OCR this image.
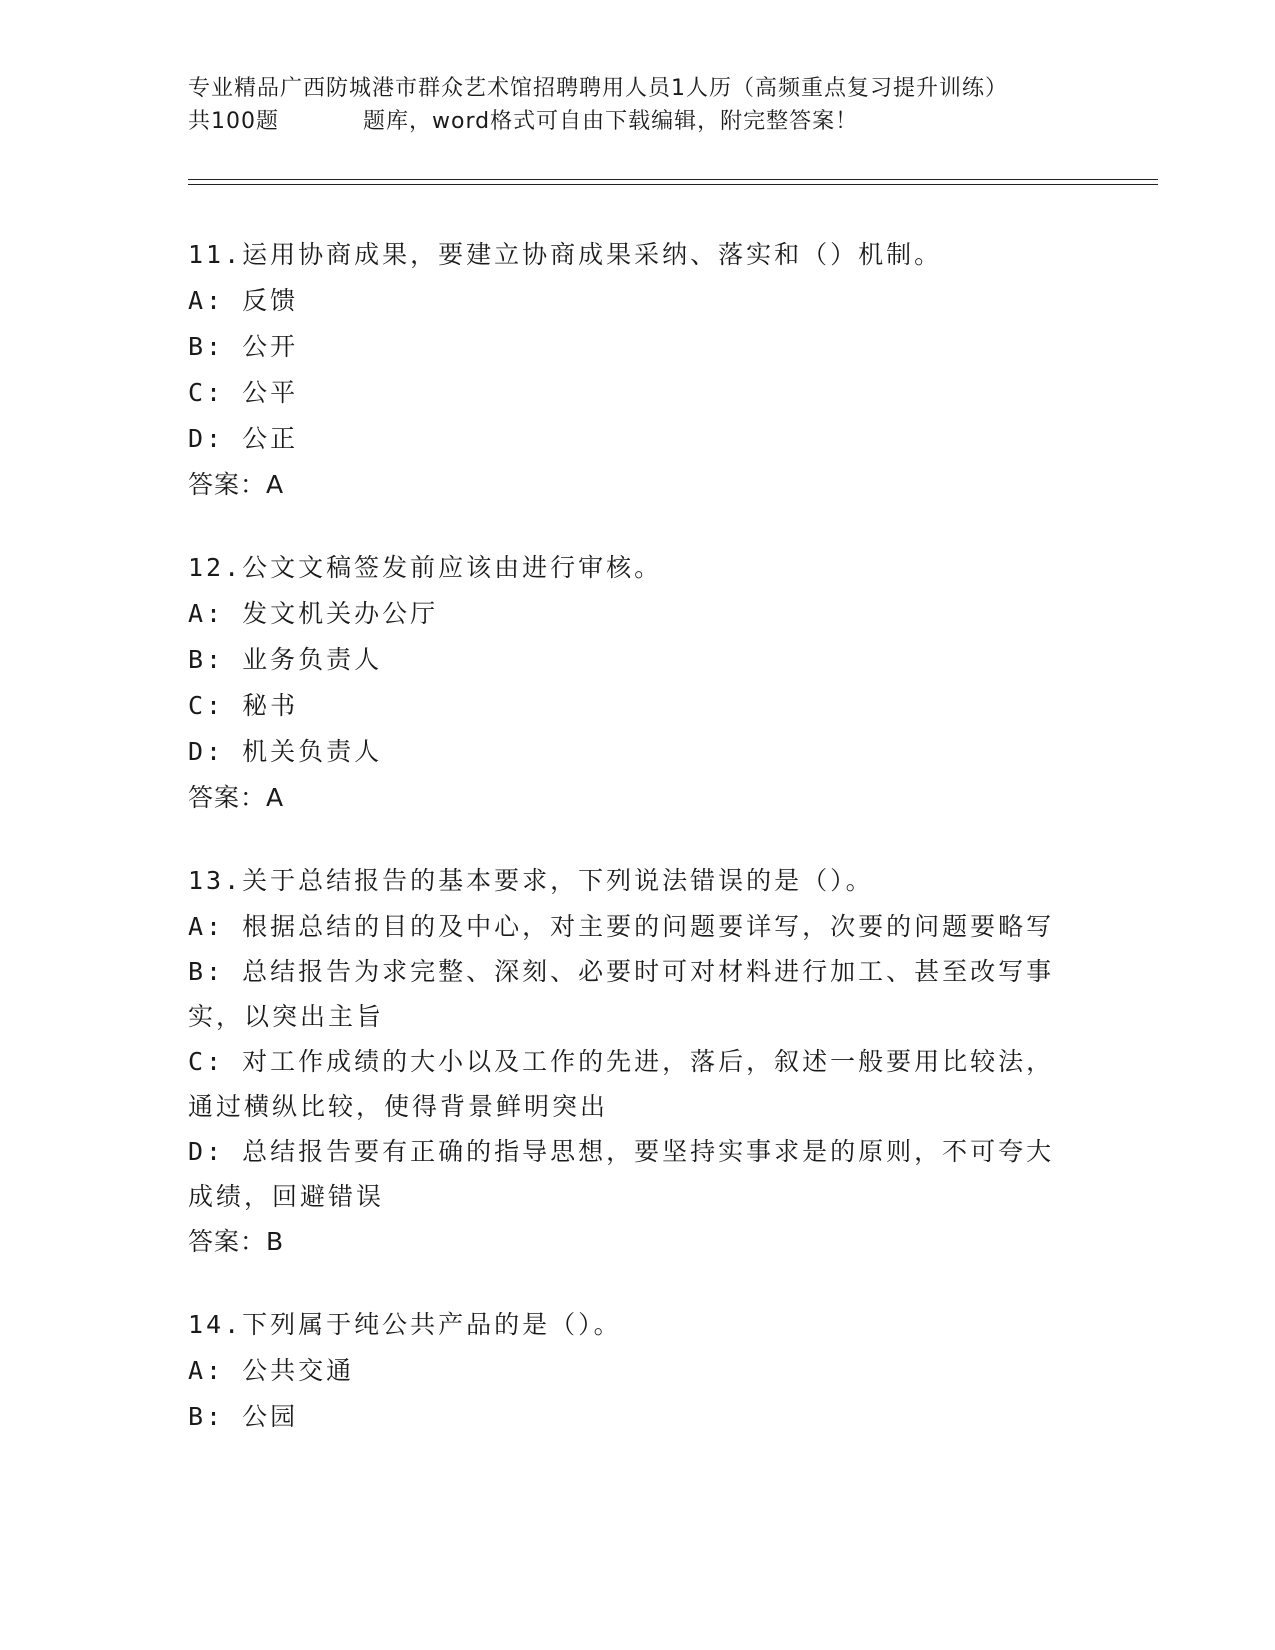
专业精品广西防城港市群众艺术馆招聘聘用人员1人历（高频重点复习提升训练）
共100题	题库，word格式可自由下载编辑，附完整答案！
11.运用协商成果，要建立协商成果采纳、落实和（）机制。
A: 反馈
B: 公开
C: 公平
D: 公正
答案：A
12.公文文稿签发前应该由进行审核。
A: 发文机关办公厅
B: 业务负责人
C: 秘书
D: 机关负责人
答案：A
13.关于总结报告的基本要求，下列说法错误的是（）。
A: 根据总结的目的及中心，对主要的问题要详写，次要的问题要略写
B: 总结报告为求完整、深刻、必要时可对材料进行加工、甚至改写事实，以突出主旨
C: 对工作成绩的大小以及工作的先进，落后，叙述一般要用比较法，通过横纵比较，使得背景鲜明突出
D: 总结报告要有正确的指导思想，要坚持实事求是的原则，不可夸大成绩，回避错误
答案：B
14.下列属于纯公共产品的是（）。
A: 公共交通
B: 公园
